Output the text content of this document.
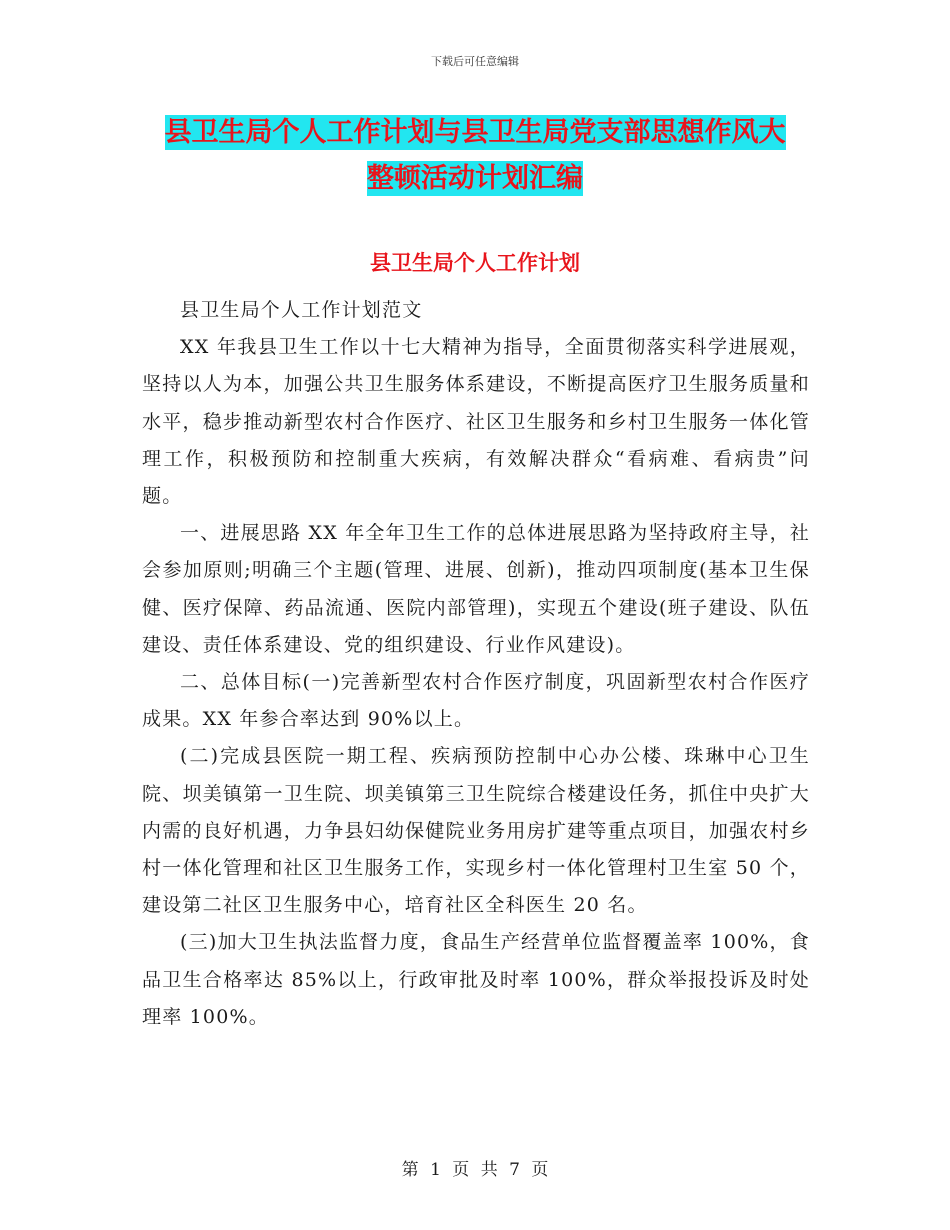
下载后可任意编辑
县卫生局个人工作计划与县卫生局党支部思想作风大
整顿活动计划汇编
县卫生局个人工作计划

县卫生局个人工作计划范文

XX 年我县卫生工作以十七大精神为指导，全面贯彻落实科学进展观，坚持以人为本，加强公共卫生服务体系建设，不断提高医疗卫生服务质量和水平，稳步推动新型农村合作医疗、社区卫生服务和乡村卫生服务一体化管理工作，积极预防和控制重大疾病，有效解决群众“看病难、看病贵”问题。

一、进展思路 XX 年全年卫生工作的总体进展思路为坚持政府主导，社会参加原则;明确三个主题(管理、进展、创新)，推动四项制度(基本卫生保健、医疗保障、药品流通、医院内部管理)，实现五个建设(班子建设、队伍建设、责任体系建设、党的组织建设、行业作风建设)。

二、总体目标(一)完善新型农村合作医疗制度，巩固新型农村合作医疗成果。XX 年参合率达到 90%以上。

(二)完成县医院一期工程、疾病预防控制中心办公楼、珠琳中心卫生院、坝美镇第一卫生院、坝美镇第三卫生院综合楼建设任务，抓住中央扩大内需的良好机遇，力争县妇幼保健院业务用房扩建等重点项目，加强农村乡村一体化管理和社区卫生服务工作，实现乡村一体化管理村卫生室 50 个，建设第二社区卫生服务中心，培育社区全科医生 20 名。

(三)加大卫生执法监督力度，食品生产经营单位监督覆盖率 100%，食品卫生合格率达 85%以上，行政审批及时率 100%，群众举报投诉及时处理率 100%。

第 1 页 共 7 页
